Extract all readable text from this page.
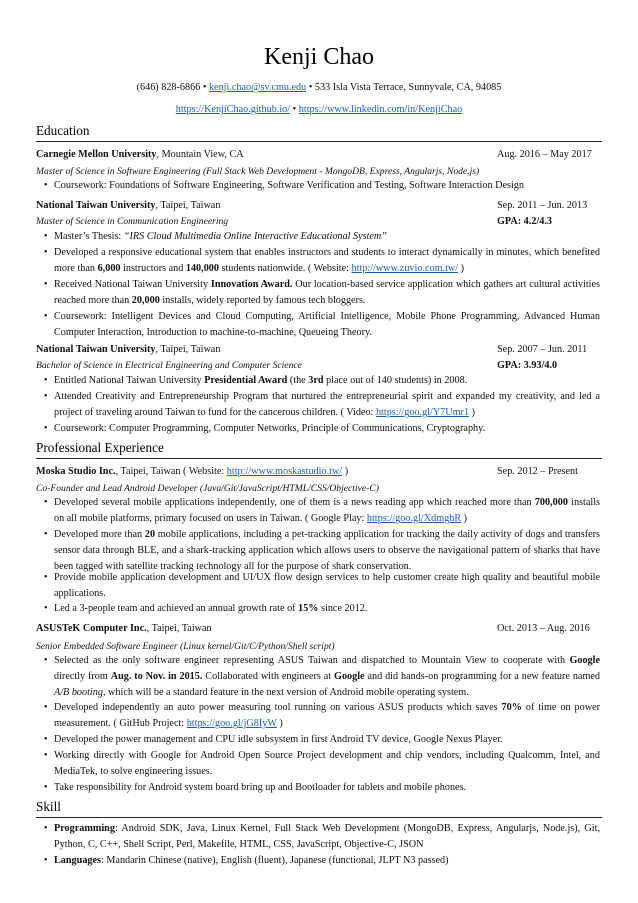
Kenji Chao
(646) 828-6866 • kenji.chao@sv.cmu.edu • 533 Isla Vista Terrace, Sunnyvale, CA, 94085
https://KenjiChao.github.io/ • https://www.linkedin.com/in/KenjiChao
Education
Carnegie Mellon University, Mountain View, CA	Aug. 2016 – May 2017
Master of Science in Software Engineering (Full Stack Web Development - MongoDB, Express, Angularjs, Node.js)
• Coursework: Foundations of Software Engineering, Software Verification and Testing, Software Interaction Design
National Taiwan University, Taipei, Taiwan	Sep. 2011 – Jun. 2013
Master of Science in Communication Engineering	GPA: 4.2/4.3
• Master’s Thesis: “IRS Cloud Multimedia Online Interactive Educational System”
• Developed a responsive educational system that enables instructors and students to interact dynamically in minutes, which benefited more than 6,000 instructors and 140,000 students nationwide. ( Website: http://www.zuvio.com.tw/ )
• Received National Taiwan University Innovation Award. Our location-based service application which gathers art cultural activities reached more than 20,000 installs, widely reported by famous tech bloggers.
• Coursework: Intelligent Devices and Cloud Computing, Artificial Intelligence, Mobile Phone Programming, Advanced Human Computer Interaction, Introduction to machine-to-machine, Queueing Theory.
National Taiwan University, Taipei, Taiwan	Sep. 2007 – Jun. 2011
Bachelor of Science in Electrical Engineering and Computer Science	GPA: 3.93/4.0
• Entitled National Taiwan University Presidential Award (the 3rd place out of 140 students) in 2008.
• Attended Creativity and Entrepreneurship Program that nurtured the entrepreneurial spirit and expanded my creativity, and led a project of traveling around Taiwan to fund for the cancerous children. ( Video: https://goo.gl/Y7Umr1 )
• Coursework: Computer Programming, Computer Networks, Principle of Communications, Cryptography.
Professional Experience
Moska Studio Inc., Taipei, Taiwan ( Website: http://www.moskastudio.tw/ )	Sep. 2012 – Present
Co-Founder and Lead Android Developer (Java/Git/JavaScript/HTML/CSS/Objective-C)
• Developed several mobile applications independently, one of them is a news reading app which reached more than 700,000 installs on all mobile platforms, primary focused on users in Taiwan. ( Google Play: https://goo.gl/XdmghR )
• Developed more than 20 mobile applications, including a pet-tracking application for tracking the daily activity of dogs and transfers sensor data through BLE, and a shark-tracking application which allows users to observe the navigational pattern of sharks that have been tagged with satellite tracking technology all for the purpose of shark conservation.
• Provide mobile application development and UI/UX flow design services to help customer create high quality and beautiful mobile applications.
• Led a 3-people team and achieved an annual growth rate of 15% since 2012.
ASUSTeK Computer Inc., Taipei, Taiwan	Oct. 2013 – Aug. 2016
Senior Embedded Software Engineer (Linux kernel/Git/C/Python/Shell script)
• Selected as the only software engineer representing ASUS Taiwan and dispatched to Mountain View to cooperate with Google directly from Aug. to Nov. in 2015. Collaborated with engineers at Google and did hands-on programming for a new feature named A/B booting, which will be a standard feature in the next version of Android mobile operating system.
• Developed independently an auto power measuring tool running on various ASUS products which saves 70% of time on power measurement. ( GitHub Project: https://goo.gl/jG8IyW )
• Developed the power management and CPU idle subsystem in first Android TV device, Google Nexus Player.
• Working directly with Google for Android Open Source Project development and chip vendors, including Qualcomm, Intel, and MediaTek, to solve engineering issues.
• Take responsibility for Android system board bring up and Bootloader for tablets and mobile phones.
Skill
• Programming: Android SDK, Java, Linux Kernel, Full Stack Web Development (MongoDB, Express, Angularjs, Node.js), Git, Python, C, C++, Shell Script, Perl, Makefile, HTML, CSS, JavaScript, Objective-C, JSON
• Languages: Mandarin Chinese (native), English (fluent), Japanese (functional, JLPT N3 passed)
